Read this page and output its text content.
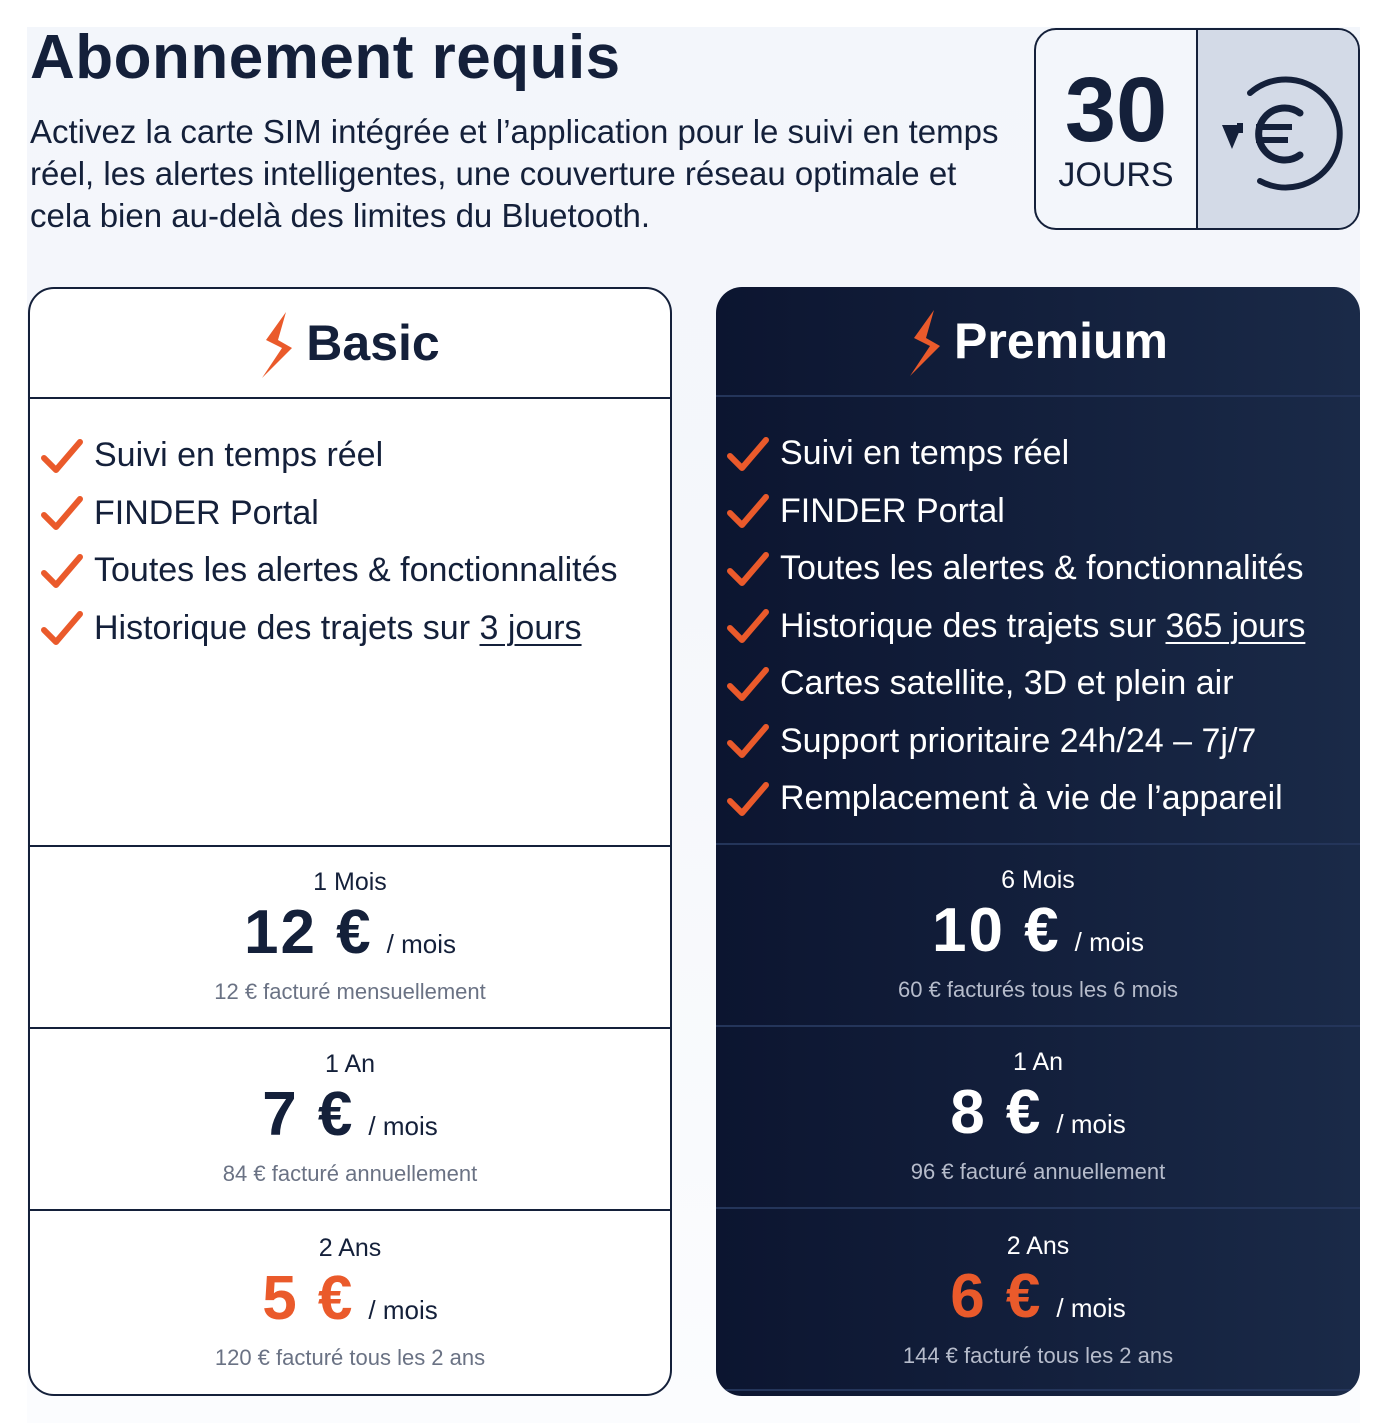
Abonnement requis

Activez la carte SIM intégrée et l’application pour le suivi en temps réel, les alertes intelligentes, une couverture réseau optimale et cela bien au-delà des limites du Bluetooth.

30
JOURS
Basic
Suivi en temps réel
FINDER Portal
Toutes les alertes & fonctionnalités
Historique des trajets sur 3 jours
1 Mois
12 € / mois
12 € facturé mensuellement
1 An
7 € / mois
84 € facturé annuellement
2 Ans
5 € / mois
120 € facturé tous les 2 ans
Premium
Suivi en temps réel
FINDER Portal
Toutes les alertes & fonctionnalités
Historique des trajets sur 365 jours
Cartes satellite, 3D et plein air
Support prioritaire 24h/24 – 7j/7
Remplacement à vie de l’appareil
6 Mois
10 € / mois
60 € facturés tous les 6 mois
1 An
8 € / mois
96 € facturé annuellement
2 Ans
6 € / mois
144 € facturé tous les 2 ans
